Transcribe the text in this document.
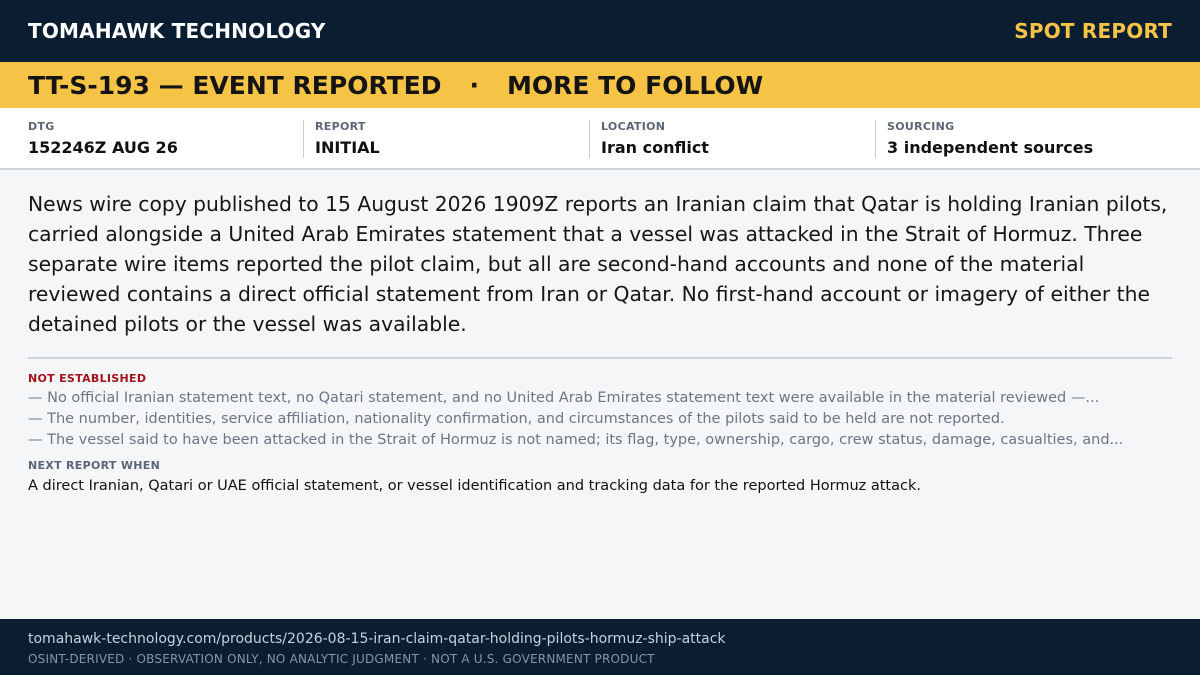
TOMAHAWK TECHNOLOGY	SPOT REPORT
TT-S-193 — EVENT REPORTED · MORE TO FOLLOW
DTG
152246Z AUG 26
REPORT
INITIAL
LOCATION
Iran conflict
SOURCING
3 independent sources

News wire copy published to 15 August 2026 1909Z reports an Iranian claim that Qatar is holding Iranian pilots, carried alongside a United Arab Emirates statement that a vessel was attacked in the Strait of Hormuz. Three separate wire items reported the pilot claim, but all are second-hand accounts and none of the material reviewed contains a direct official statement from Iran or Qatar. No first-hand account or imagery of either the detained pilots or the vessel was available.

NOT ESTABLISHED
— No official Iranian statement text, no Qatari statement, and no United Arab Emirates statement text were available in the material reviewed —...
— The number, identities, service affiliation, nationality confirmation, and circumstances of the pilots said to be held are not reported.
— The vessel said to have been attacked in the Strait of Hormuz is not named; its flag, type, ownership, cargo, crew status, damage, casualties, and...
NEXT REPORT WHEN
A direct Iranian, Qatari or UAE official statement, or vessel identification and tracking data for the reported Hormuz attack.
tomahawk-technology.com/products/2026-08-15-iran-claim-qatar-holding-pilots-hormuz-ship-attack
OSINT-DERIVED · OBSERVATION ONLY, NO ANALYTIC JUDGMENT · NOT A U.S. GOVERNMENT PRODUCT
